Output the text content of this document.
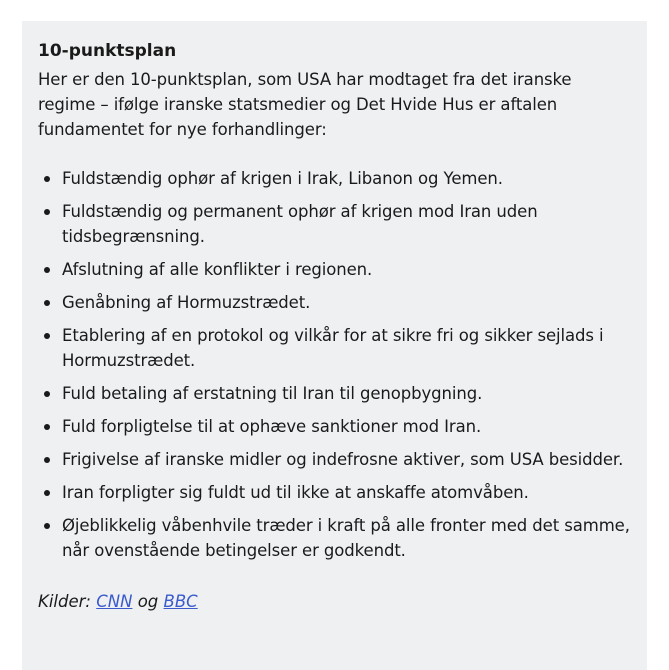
10-punktsplan

Her er den 10-punktsplan, som USA har modtaget fra det iranske regime – ifølge iranske statsmedier og Det Hvide Hus er aftalen fundamentet for nye forhandlinger:

Fuldstændig ophør af krigen i Irak, Libanon og Yemen.
Fuldstændig og permanent ophør af krigen mod Iran uden tidsbegrænsning.
Afslutning af alle konflikter i regionen.
Genåbning af Hormuzstrædet.
Etablering af en protokol og vilkår for at sikre fri og sikker sejlads i Hormuzstrædet.
Fuld betaling af erstatning til Iran til genopbygning.
Fuld forpligtelse til at ophæve sanktioner mod Iran.
Frigivelse af iranske midler og indefrosne aktiver, som USA besidder.
Iran forpligter sig fuldt ud til ikke at anskaffe atomvåben.
Øjeblikkelig våbenhvile træder i kraft på alle fronter med det samme, når ovenstående betingelser er godkendt.
Kilder: CNN og BBC
